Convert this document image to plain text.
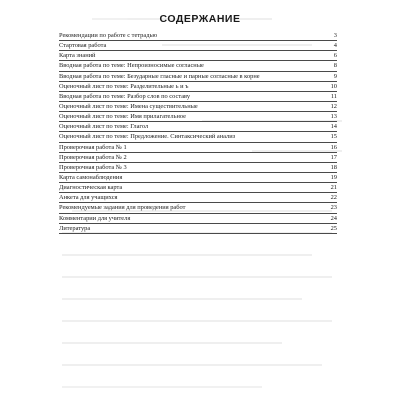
СОДЕРЖАНИЕ
Рекомендации по работе с тетрадью	3
Стартовая работа	4
Карта знаний	6
Вводная работа по теме: Непроизносимые согласные	8
Вводная работа по теме: Безударные гласные и парные согласные в корне	9
Оценочный лист по теме: Разделительные ь и ъ	10
Вводная работа по теме: Разбор слов по составу	11
Оценочный лист по теме: Имена существительные	12
Оценочный лист по теме: Имя прилагательное	13
Оценочный лист по теме: Глагол	14
Оценочный лист по теме: Предложение. Синтаксический анализ	15
Проверочная работа № 1	16
Проверочная работа № 2	17
Проверочная работа № 3	18
Карта самонаблюдения	19
Диагностическая карта	21
Анкета для учащихся	22
Рекомендуемые задания для проведения работ	23
Комментарии для учителя	24
Литература	25
